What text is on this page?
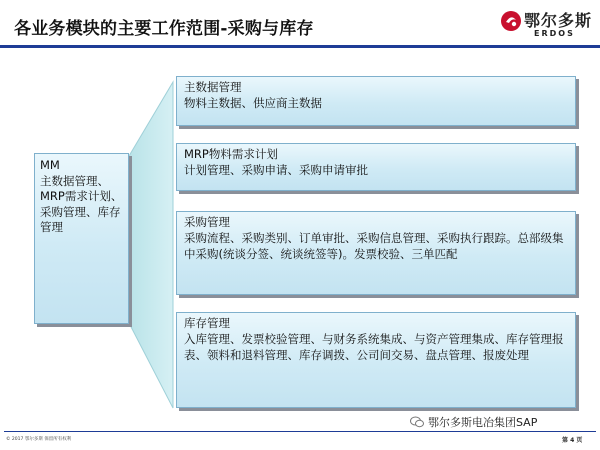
各业务模块的主要工作范围-采购与库存	鄂尔多斯
ERDOS
MM
主数据管理、MRP需求计划、采购管理、库存管理
主数据管理
物料主数据、供应商主数据
MRP物料需求计划
计划管理、采购申请、采购申请审批
采购管理
采购流程、采购类别、订单审批、采购信息管理、采购执行跟踪。总部级集中采购(统谈分签、统谈统签等)。发票校验、三单匹配
库存管理
入库管理、发票校验管理、与财务系统集成、与资产管理集成、库存管理报表、领料和退料管理、库存调拨、公司间交易、盘点管理、报废处理
鄂尔多斯电冶集团SAP
© 2017 鄂尔多斯 保留所有权利	第 4 页
